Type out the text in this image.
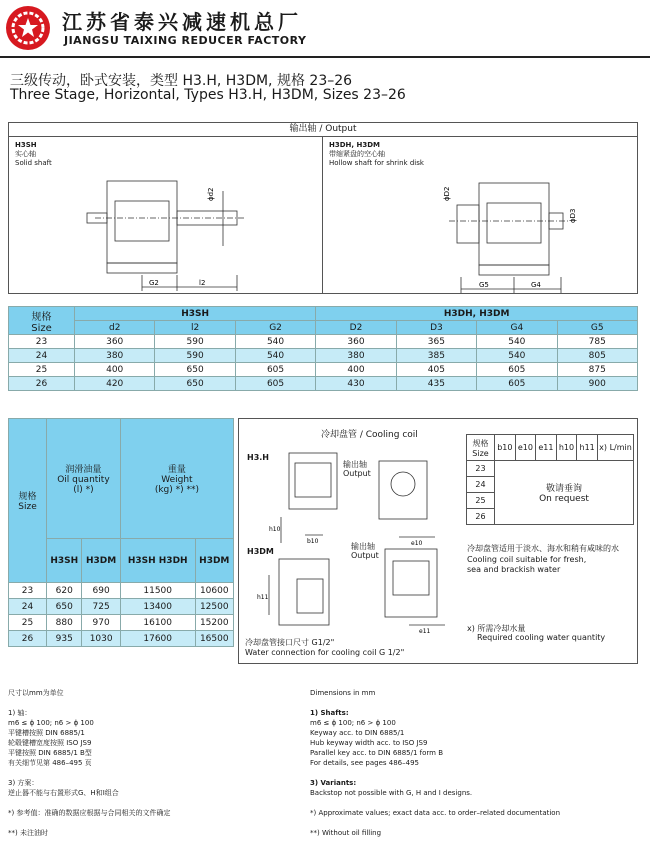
江苏省泰兴减速机总厂
JIANGSU TAIXING REDUCER FACTORY
三级传动，卧式安装，类型 H3.H, H3DM, 规格 23–26
Three Stage, Horizontal, Types H3.H, H3DM, Sizes 23–26
输出轴 / Output
H3SH
实心轴
Solid shaft
G2	l2
ϕd2
H3DH, H3DM
带缩紧盘的空心轴
Hollow shaft for shrink disk
G5	G4
ϕD2
ϕD3
规格
Size	H3SH			H3DH, H3DM			
	d2	l2	G2	D2	D3	G4	G5
23	360	590	540	360	365	540	785
24	380	590	540	380	385	540	805
25	400	650	605	400	405	605	875
26	420	650	605	430	435	605	900
规格
Size	润滑油量
Oil quantity
(l) *)		重量
Weight
(kg) *) **)	
	H3SH	H3DM	H3SH H3DH	H3DM
23	620	690	11500	10600
24	650	725	13400	12500
25	880	970	16100	15200
26	935	1030	17600	16500
冷却盘管 / Cooling coil
H3.H
H3DM
输出轴
Output
输出轴
Output
h10
b10	e10
h11
e11
冷却盘管接口尺寸 G1/2"
Water connection for cooling coil G 1/2"
冷却盘管适用于淡水、海水和稍有咸味的水
Cooling coil suitable for fresh,
sea and brackish water
x) 所需冷却水量
Required cooling water quantity
规格 Size	b10	e10	e11	h10	h11	x) L/min
23	敬请垂询
On request					
24						
25						
26						
尺寸以mm为单位
1) 轴：
m6 ≤ ϕ 100; n6 > ϕ 100
平键槽按照 DIN 6885/1
轮毂键槽宽度按照 ISO JS9
平键按照 DIN 6885/1 B型
有关细节见第 486–495 页
3) 方案：
逆止器不能与右置形式G、H和I组合
*) 参考值：准确的数据应根据与合同相关的文件确定
**) 未注油时
Dimensions in mm
1) Shafts:
m6 ≤ ϕ 100; n6 > ϕ 100
Keyway acc. to DIN 6885/1
Hub keyway width acc. to ISO JS9
Parallel key acc. to DIN 6885/1 form B
For details, see pages 486–495
3) Variants:
Backstop not possible with G, H and I designs.
*) Approximate values; exact data acc. to order–related documentation
**) Without oil filling
